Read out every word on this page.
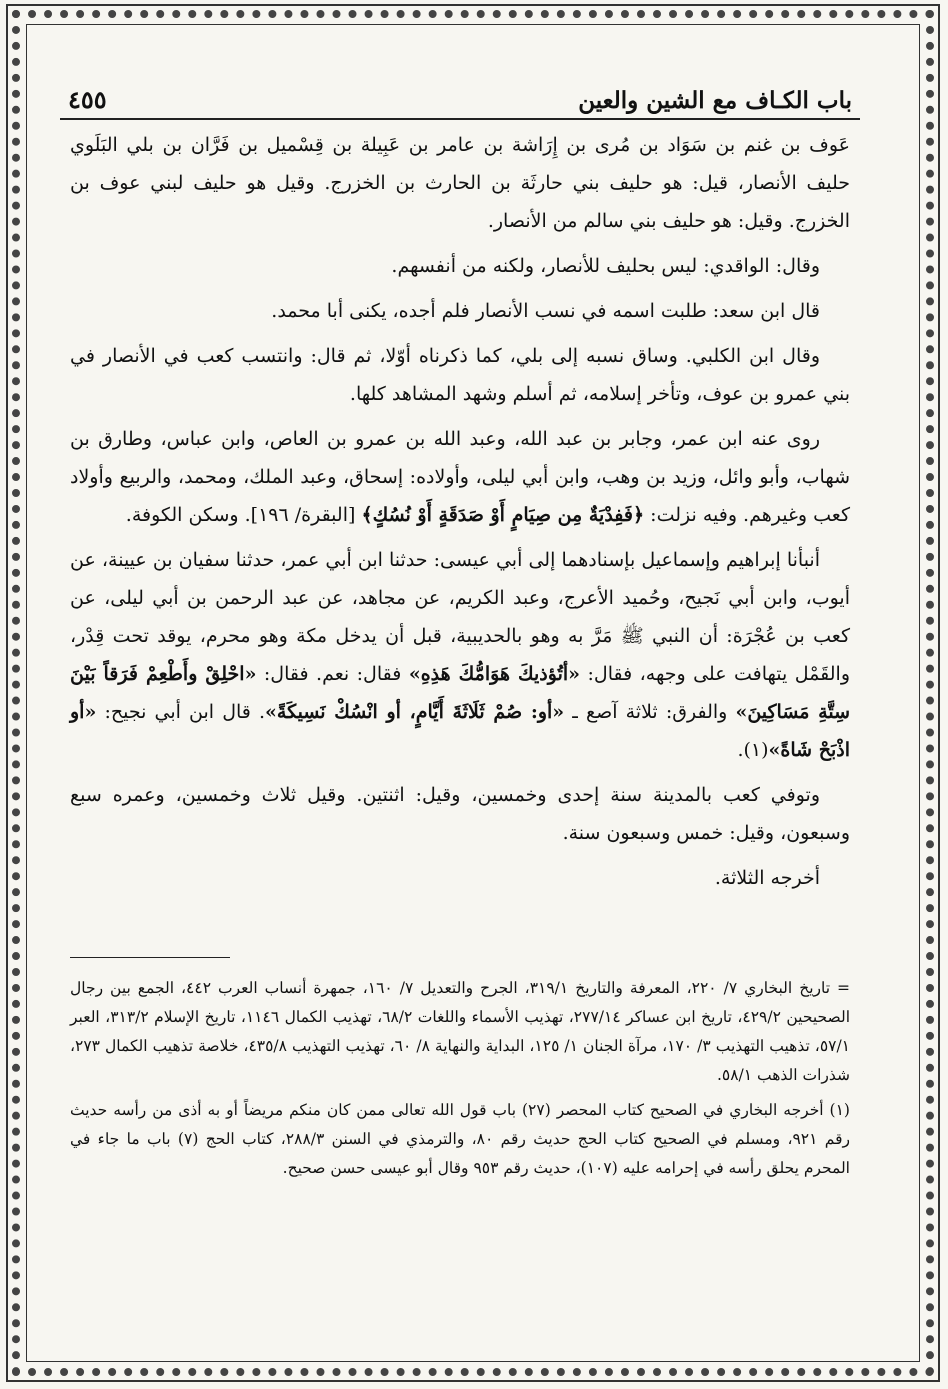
باب الكـاف مع الشين والعين
٤٥٥

عَوف بن غنم بن سَوَاد بن مُرى بن إِرَاشة بن عامر بن عَبِيلة بن قِسْميل بن فَرَّان بن بلي البَلَوي حليف الأنصار، قيل: هو حليف بني حارثَة بن الحارث بن الخزرج. وقيل هو حليف لبني عوف بن الخزرج. وقيل: هو حليف بني سالم من الأنصار.

وقال: الواقدي: ليس بحليف للأنصار، ولكنه من أنفسهم.

قال ابن سعد: طلبت اسمه في نسب الأنصار فلم أجده، يكنى أبا محمد.

وقال ابن الكلبي. وساق نسبه إلى بلي، كما ذكرناه أوّلا، ثم قال: وانتسب كعب في الأنصار في بني عمرو بن عوف، وتأخر إسلامه، ثم أسلم وشهد المشاهد كلها.

روى عنه ابن عمر، وجابر بن عبد الله، وعبد الله بن عمرو بن العاص، وابن عباس، وطارق بن شهاب، وأبو وائل، وزيد بن وهب، وابن أبي ليلى، وأولاده: إسحاق، وعبد الملك، ومحمد، والربيع وأولاد كعب وغيرهم. وفيه نزلت: ﴿فَفِدْيَةٌ مِن صِيَامٍ أَوْ صَدَقَةٍ أَوْ نُسُكٍ﴾ [البقرة/ ١٩٦]. وسكن الكوفة.

أنبأنا إبراهيم وإسماعيل بإسنادهما إلى أبي عيسى: حدثنا ابن أبي عمر، حدثنا سفيان بن عيينة، عن أيوب، وابن أبي نَجيح، وحُميد الأعرج، وعبد الكريم، عن مجاهد، عن عبد الرحمن بن أبي ليلى، عن كعب بن عُجْرَة: أن النبي ﷺ مَرَّ به وهو بالحديبية، قبل أن يدخل مكة وهو محرم، يوقد تحت قِدْر، والقَمْل يتهافت على وجهه، فقال: «أتُؤذيكَ هَوَامُّكَ هَذِهِ» فقال: نعم. فقال: «احْلِقْ وأَطْعِمْ فَرَقاً بَيْنَ سِتَّةِ مَسَاكِينَ» والفرق: ثلاثة آصع ـ «أو: صُمْ ثَلَاثَةَ أَيَّامٍ، أو انْسُكْ نَسِيكَةً». قال ابن أبي نجيح: «أو اذْبَحْ شَاةً»(١).

وتوفي كعب بالمدينة سنة إحدى وخمسين، وقيل: اثنتين. وقيل ثلاث وخمسين، وعمره سبع وسبعون، وقيل: خمس وسبعون سنة.

أخرجه الثلاثة.

= تاريخ البخاري ٧/ ٢٢٠، المعرفة والتاريخ ٣١٩/١، الجرح والتعديل ٧/ ١٦٠، جمهرة أنساب العرب ٤٤٢، الجمع بين رجال الصحيحين ٤٢٩/٢، تاريخ ابن عساكر ٢٧٧/١٤، تهذيب الأسماء واللغات ٦٨/٢، تهذيب الكمال ١١٤٦، تاريخ الإسلام ٣١٣/٢، العبر ٥٧/١، تذهيب التهذيب ٣/ ١٧٠، مرآة الجنان ١/ ١٢٥، البداية والنهاية ٨/ ٦٠، تهذيب التهذيب ٤٣٥/٨، خلاصة تذهيب الكمال ٢٧٣، شذرات الذهب ٥٨/١.

(١) أخرجه البخاري في الصحيح كتاب المحصر (٢٧) باب قول الله تعالى ممن كان منكم مريضاً أو به أذى من رأسه حديث رقم ٩٢١، ومسلم في الصحيح كتاب الحج حديث رقم ٨٠، والترمذي في السنن ٢٨٨/٣، كتاب الحج (٧) باب ما جاء في المحرم يحلق رأسه في إحرامه عليه (١٠٧)، حديث رقم ٩٥٣ وقال أبو عيسى حسن صحيح.
